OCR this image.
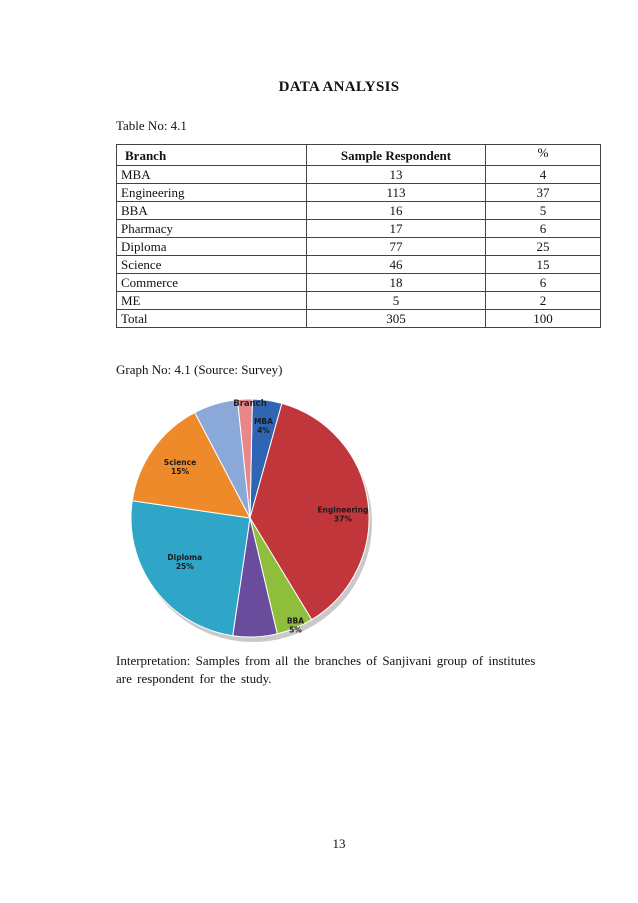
DATA ANALYSIS
Table No: 4.1
Branch	Sample Respondent	%
MBA	13	4
Engineering	113	37
BBA	16	5
Pharmacy	17	6
Diploma	77	25
Science	46	15
Commerce	18	6
ME	5	2
Total	305	100
Graph No: 4.1 (Source: Survey)
MBA
4%
Engineering
37%
BBA
5%
Diploma
25%
Science
15%
Branch
Interpretation: Samples from all the branches of Sanjivani group of institutes are respondent for the study.
13
